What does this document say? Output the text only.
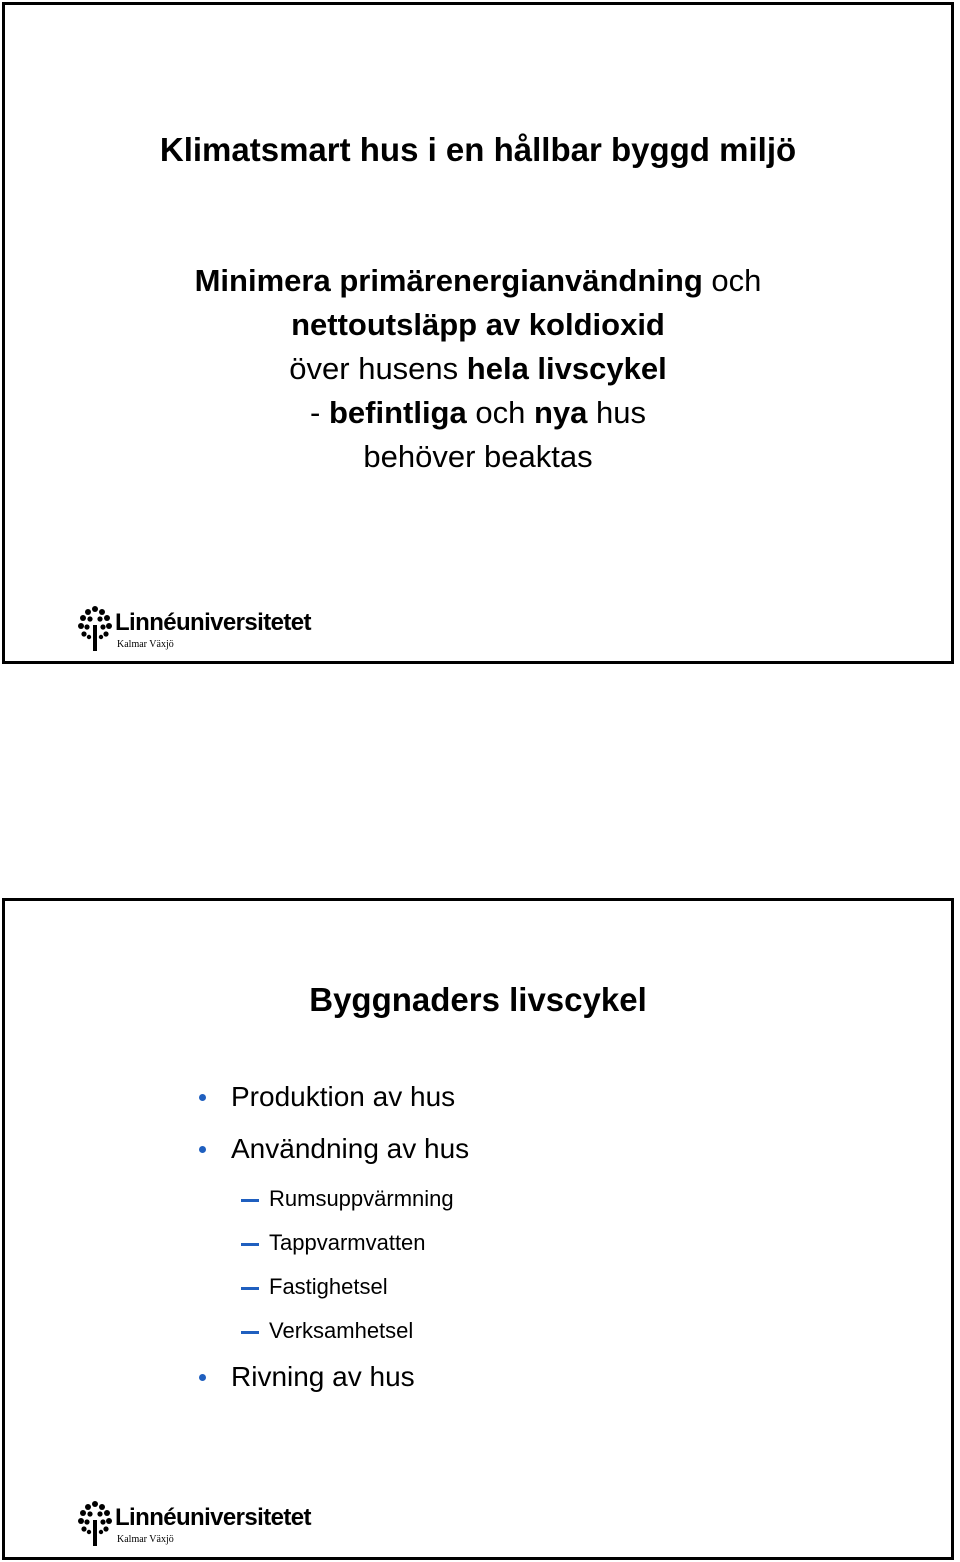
Klimatsmart hus i en hållbar byggd miljö
Minimera primärenergianvändning och
nettoutsläpp av koldioxid
över husens hela livscykel
- befintliga och nya hus
behöver beaktas
Linnéuniversitetet
Kalmar Växjö
Byggnaders livscykel
Produktion av hus
Användning av hus
Rumsuppvärmning
Tappvarmvatten
Fastighetsel
Verksamhetsel
Rivning av hus
Linnéuniversitetet
Kalmar Växjö
